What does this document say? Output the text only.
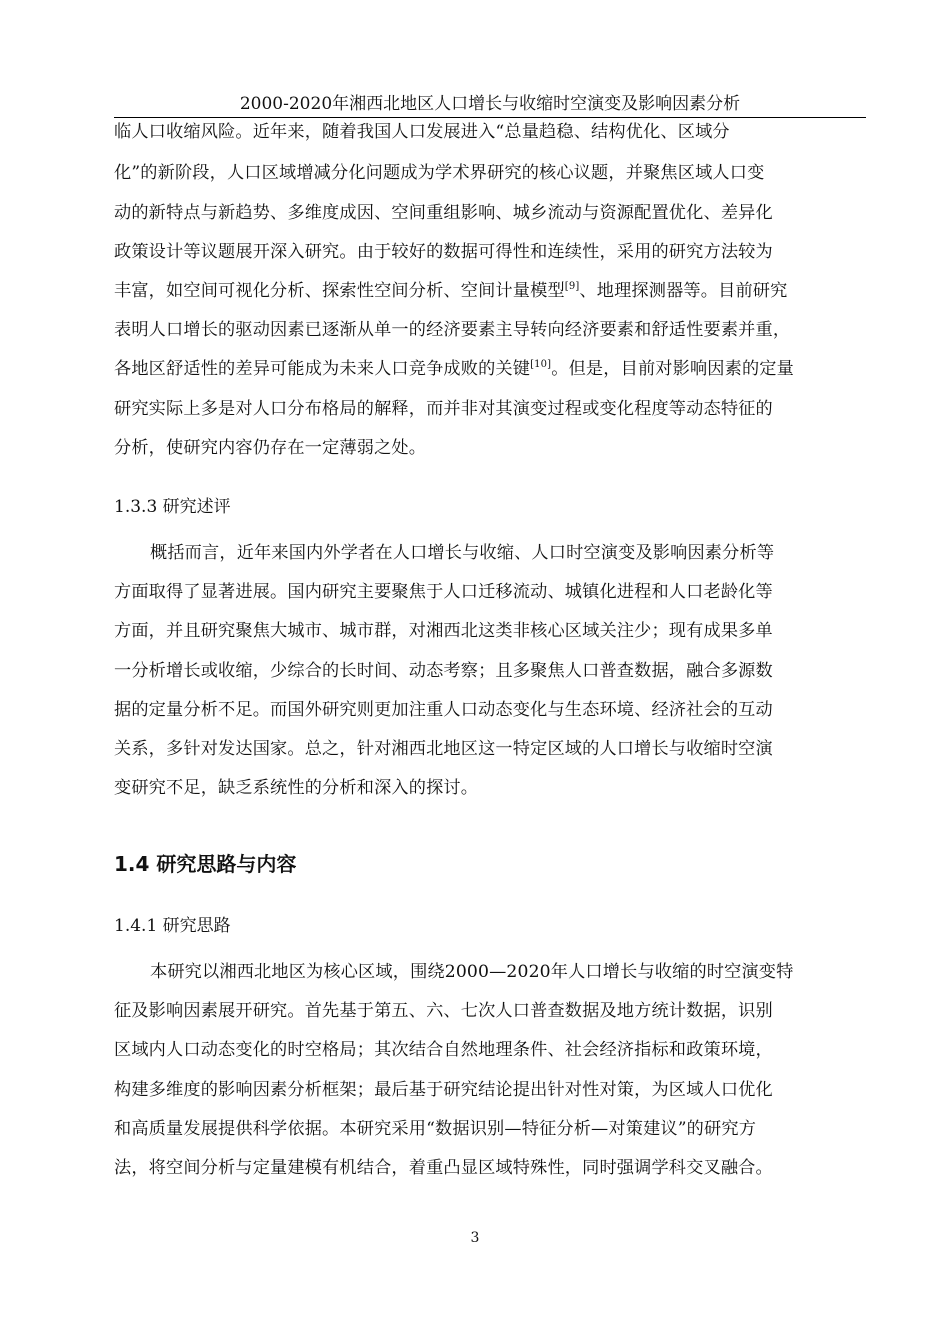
2000-2020年湘西北地区人口增长与收缩时空演变及影响因素分析
临人口收缩风险。近年来，随着我国人口发展进入“总量趋稳、结构优化、区域分
化”的新阶段，人口区域增减分化问题成为学术界研究的核心议题，并聚焦区域人口变
动的新特点与新趋势、多维度成因、空间重组影响、城乡流动与资源配置优化、差异化
政策设计等议题展开深入研究。由于较好的数据可得性和连续性，采用的研究方法较为
丰富，如空间可视化分析、探索性空间分析、空间计量模型[9]、地理探测器等。目前研究
表明人口增长的驱动因素已逐渐从单一的经济要素主导转向经济要素和舒适性要素并重，
各地区舒适性的差异可能成为未来人口竞争成败的关键[10]。但是，目前对影响因素的定量
研究实际上多是对人口分布格局的解释，而并非对其演变过程或变化程度等动态特征的
分析，使研究内容仍存在一定薄弱之处。
1.3.3 研究述评
概括而言，近年来国内外学者在人口增长与收缩、人口时空演变及影响因素分析等
方面取得了显著进展。国内研究主要聚焦于人口迁移流动、城镇化进程和人口老龄化等
方面，并且研究聚焦大城市、城市群，对湘西北这类非核心区域关注少；现有成果多单
一分析增长或收缩，少综合的长时间、动态考察；且多聚焦人口普查数据，融合多源数
据的定量分析不足。而国外研究则更加注重人口动态变化与生态环境、经济社会的互动
关系，多针对发达国家。总之，针对湘西北地区这一特定区域的人口增长与收缩时空演
变研究不足，缺乏系统性的分析和深入的探讨。
1.4 研究思路与内容
1.4.1 研究思路
本研究以湘西北地区为核心区域，围绕2000—2020年人口增长与收缩的时空演变特
征及影响因素展开研究。首先基于第五、六、七次人口普查数据及地方统计数据，识别
区域内人口动态变化的时空格局；其次结合自然地理条件、社会经济指标和政策环境，
构建多维度的影响因素分析框架；最后基于研究结论提出针对性对策，为区域人口优化
和高质量发展提供科学依据。本研究采用“数据识别—特征分析—对策建议”的研究方
法，将空间分析与定量建模有机结合，着重凸显区域特殊性，同时强调学科交叉融合。
3
